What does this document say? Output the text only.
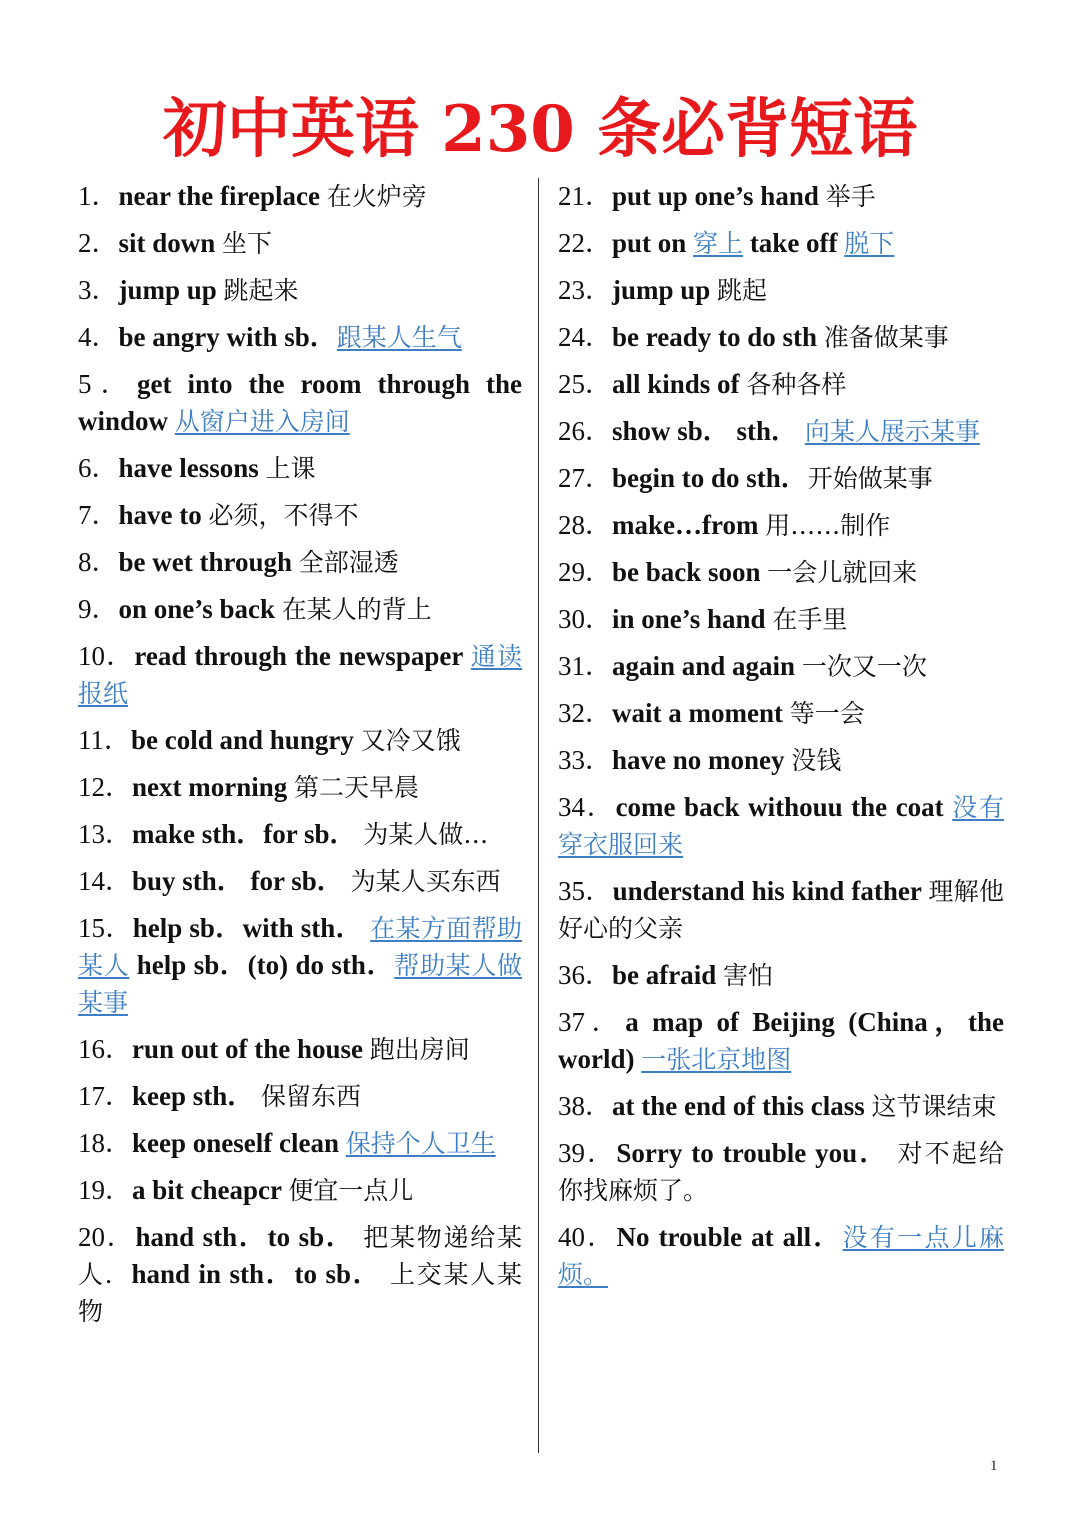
初中英语 230 条必背短语

1．near the fireplace 在火炉旁

2．sit down 坐下

3．jump up 跳起来

4．be angry with sb．跟某人生气

5．get into the room through the window 从窗户进入房间

6．have lessons 上课

7．have to 必须，不得不

8．be wet through 全部湿透

9．on one’s back 在某人的背上

10．read through the newspaper 通读报纸

11．be cold and hungry 又冷又饿

12．next morning 第二天早晨

13．make sth．for sb． 为某人做…

14．buy sth． for sb． 为某人买东西

15．help sb．with sth． 在某方面帮助某人 help sb．(to) do sth．帮助某人做某事

16．run out of the house 跑出房间

17．keep sth． 保留东西

18．keep oneself clean 保持个人卫生

19．a bit cheapcr 便宜一点儿

20．hand sth．to sb． 把某物递给某人．hand in sth．to sb． 上交某人某物

21．put up one’s hand 举手

22．put on 穿上 take off 脱下

23．jump up 跳起

24．be ready to do sth 准备做某事

25．all kinds of 各种各样

26．show sb． sth． 向某人展示某事

27．begin to do sth．开始做某事

28．make…from 用……制作

29．be back soon 一会儿就回来

30．in one’s hand 在手里

31．again and again 一次又一次

32．wait a moment 等一会

33．have no money 没钱

34．come back withouu the coat 没有穿衣服回来

35．understand his kind father 理解他好心的父亲

36．be afraid 害怕

37．a map of Beijing (China，the world) 一张北京地图

38．at the end of this class 这节课结束

39．Sorry to trouble you． 对不起给你找麻烦了。

40．No trouble at all．没有一点儿麻烦。

1
